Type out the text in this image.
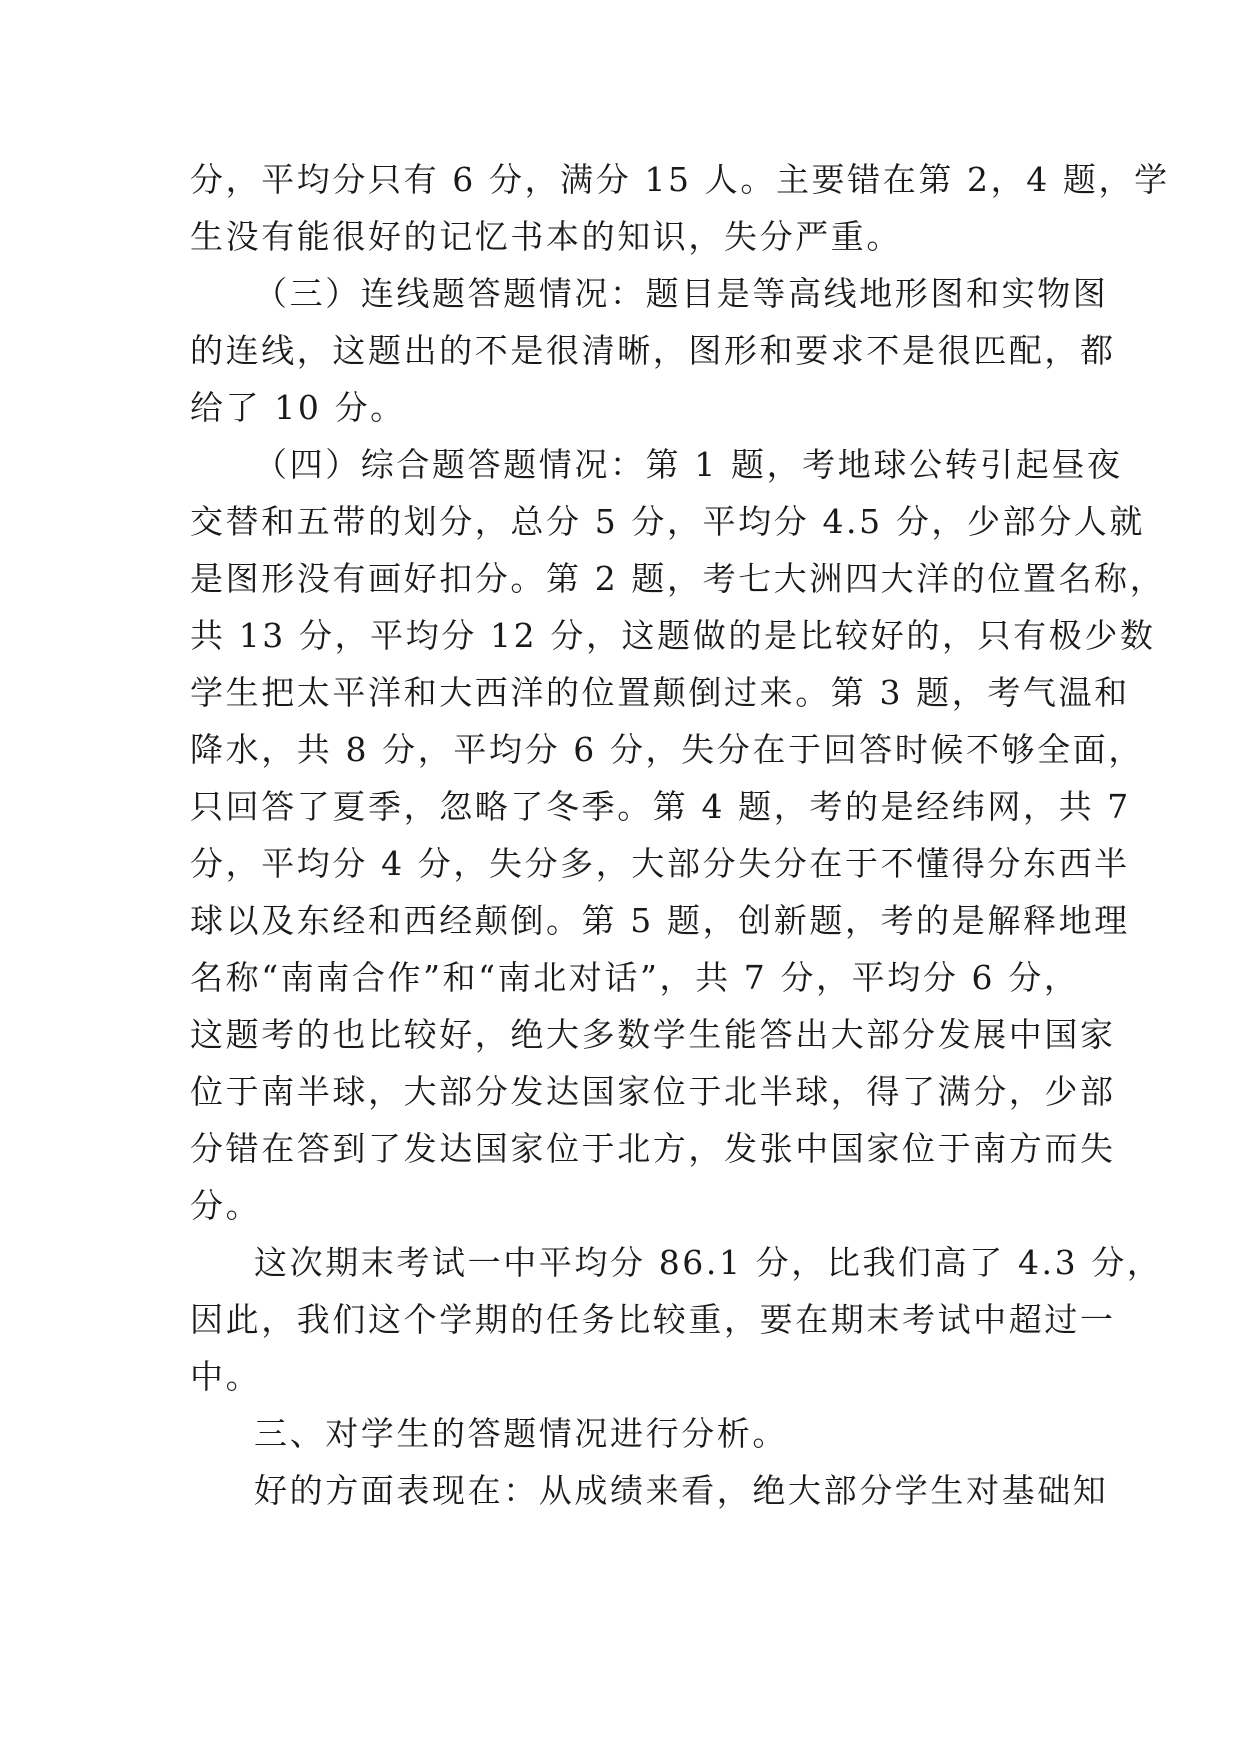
分，平均分只有 6 分，满分 15 人。主要错在第 2，4 题，学
生没有能很好的记忆书本的知识，失分严重。
（三）连线题答题情况：题目是等高线地形图和实物图
的连线，这题出的不是很清晰，图形和要求不是很匹配，都
给了 10 分。
（四）综合题答题情况：第 1 题，考地球公转引起昼夜
交替和五带的划分，总分 5 分，平均分 4.5 分，少部分人就
是图形没有画好扣分。第 2 题，考七大洲四大洋的位置名称，
共 13 分，平均分 12 分，这题做的是比较好的，只有极少数
学生把太平洋和大西洋的位置颠倒过来。第 3 题，考气温和
降水，共 8 分，平均分 6 分，失分在于回答时候不够全面，
只回答了夏季，忽略了冬季。第 4 题，考的是经纬网，共 7
分，平均分 4 分，失分多，大部分失分在于不懂得分东西半
球以及东经和西经颠倒。第 5 题，创新题，考的是解释地理
名称“南南合作”和“南北对话”，共 7 分，平均分 6 分，
这题考的也比较好，绝大多数学生能答出大部分发展中国家
位于南半球，大部分发达国家位于北半球，得了满分，少部
分错在答到了发达国家位于北方，发张中国家位于南方而失
分。
这次期末考试一中平均分 86.1 分，比我们高了 4.3 分，
因此，我们这个学期的任务比较重，要在期末考试中超过一
中。
三、对学生的答题情况进行分析。
好的方面表现在：从成绩来看，绝大部分学生对基础知
